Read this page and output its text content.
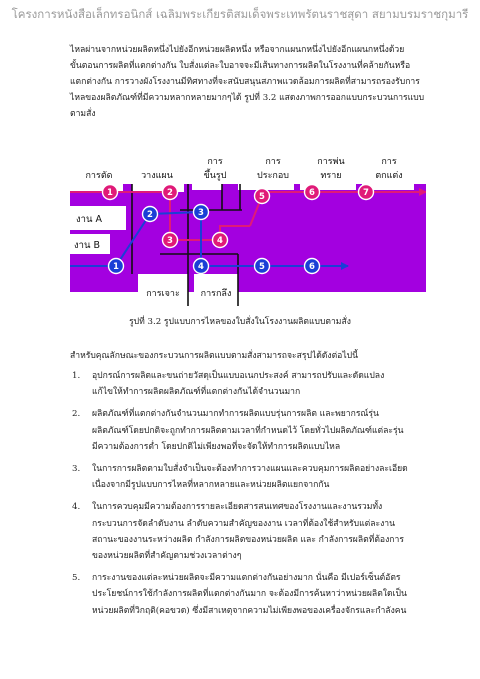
โครงการหนังสือเล็กทรอนิกส์ เฉลิมพระเกียรติสมเด็จพระเทพรัตนราชสุดา สยามบรมราชกุมารี

ไหลผ่านจากหน่วยผลิตหนึ่งไปยังอีกหน่วยผลิตหนึ่ง หรือจากแผนกหนึ่งไปยังอีกแผนกหนึ่งด้วย

ขั้นตอนการผลิตที่แตกต่างกัน ใบสั่งแต่ละใบอาจจะมีเส้นทางการผลิตในโรงงานที่คล้ายกันหรือ

แตกต่างกัน การวางผังโรงงานมีทิศทางที่จะสนับสนุนสภาพแวดล้อมการผลิตที่สามารถรองรับการ

ไหลของผลิตภัณฑ์ที่มีความหลากหลายมากๆได้ รูปที่ 3.2 แสดงภาพการออกแบบกระบวนการแบบ

ตามสั่ง

การตัด	วางแผน
การ
ขึ้นรูป
การ
ประกอบ
การพ่น
ทราย
การ
ตกแต่ง
การเจาะ การกลึง
งาน A
งาน B
1	2
3	4
5	6	7
1
2	3
4	5	6
รูปที่ 3.2 รูปแบบการไหลของใบสั่งในโรงงานผลิตแบบตามสั่ง
สำหรับคุณลักษณะของกระบวนการผลิตแบบตามสั่งสามารถจะสรุปได้ดังต่อไปนี้
1. อุปกรณ์การผลิตและขนถ่ายวัสดุเป็นแบบอเนกประสงค์ สามารถปรับและดัดแปลง
แก้ไขให้ทำการผลิตผลิตภัณฑ์ที่แตกต่างกันได้จำนวนมาก
2. ผลิตภัณฑ์ที่แตกต่างกันจำนวนมากทำการผลิตแบบรุ่นการผลิต และพยากรณ์รุ่น
ผลิตภัณฑ์โดยปกติจะถูกทำการผลิตตามเวลาที่กำหนดไว้ โดยทั่วไปผลิตภัณฑ์แต่ละรุ่น
มีความต้องการต่ำ โดยปกติไม่เพียงพอที่จะจัดให้ทำการผลิตแบบไหล
3. ในการการผลิตตามใบสั่งจำเป็นจะต้องทำการวางแผนและควบคุมการผลิตอย่างละเอียด
เนื่องจากมีรูปแบบการไหลที่หลากหลายและหน่วยผลิตแยกจากกัน
4. ในการควบคุมมีความต้องการรายละเอียดสารสนเทศของโรงงานและงานรวมทั้ง
กระบวนการจัดลำดับงาน ลำดับความสำคัญของงาน เวลาที่ต้องใช้สำหรับแต่ละงาน
สถานะของงานระหว่างผลิต กำลังการผลิตของหน่วยผลิต และ กำลังการผลิตที่ต้องการ
ของหน่วยผลิตที่สำคัญตามช่วงเวลาต่างๆ
5. การะงานของแต่ละหน่วยผลิตจะมีความแตกต่างกันอย่างมาก นั่นคือ มีเปอร์เซ็นต์อัตร
ประโยชน์การใช้กำลังการผลิตที่แตกต่างกันมาก จะต้องมีการค้นหาว่าหน่วยผลิตใดเป็น
หน่วยผลิตที่วิกฤติ(คอขวด) ซึ่งมีสาเหตุจากความไม่เพียงพอของเครื่องจักรและกำลังคน
